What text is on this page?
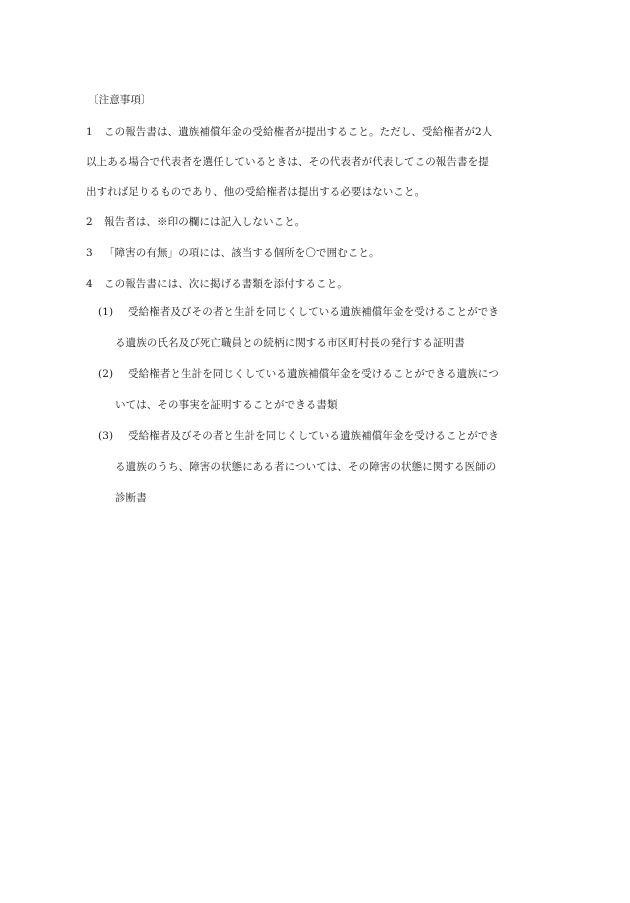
〔注意事項〕
1 この報告書は、遺族補償年金の受給権者が提出すること。ただし、受給権者が2人
以上ある場合で代表者を選任しているときは、その代表者が代表してこの報告書を提
出すれば足りるものであり、他の受給権者は提出する必要はないこと。
2 報告者は、※印の欄には記入しないこと。
3 「障害の有無」の項には、該当する個所を〇で囲むこと。
4 この報告書には、次に掲げる書類を添付すること。
(1) 受給権者及びその者と生計を同じくしている遺族補償年金を受けることができ
る遺族の氏名及び死亡職員との続柄に関する市区町村長の発行する証明書
(2) 受給権者と生計を同じくしている遺族補償年金を受けることができる遺族につ
いては、その事実を証明することができる書類
(3) 受給権者及びその者と生計を同じくしている遺族補償年金を受けることができ
る遺族のうち、障害の状態にある者については、その障害の状態に関する医師の
診断書
